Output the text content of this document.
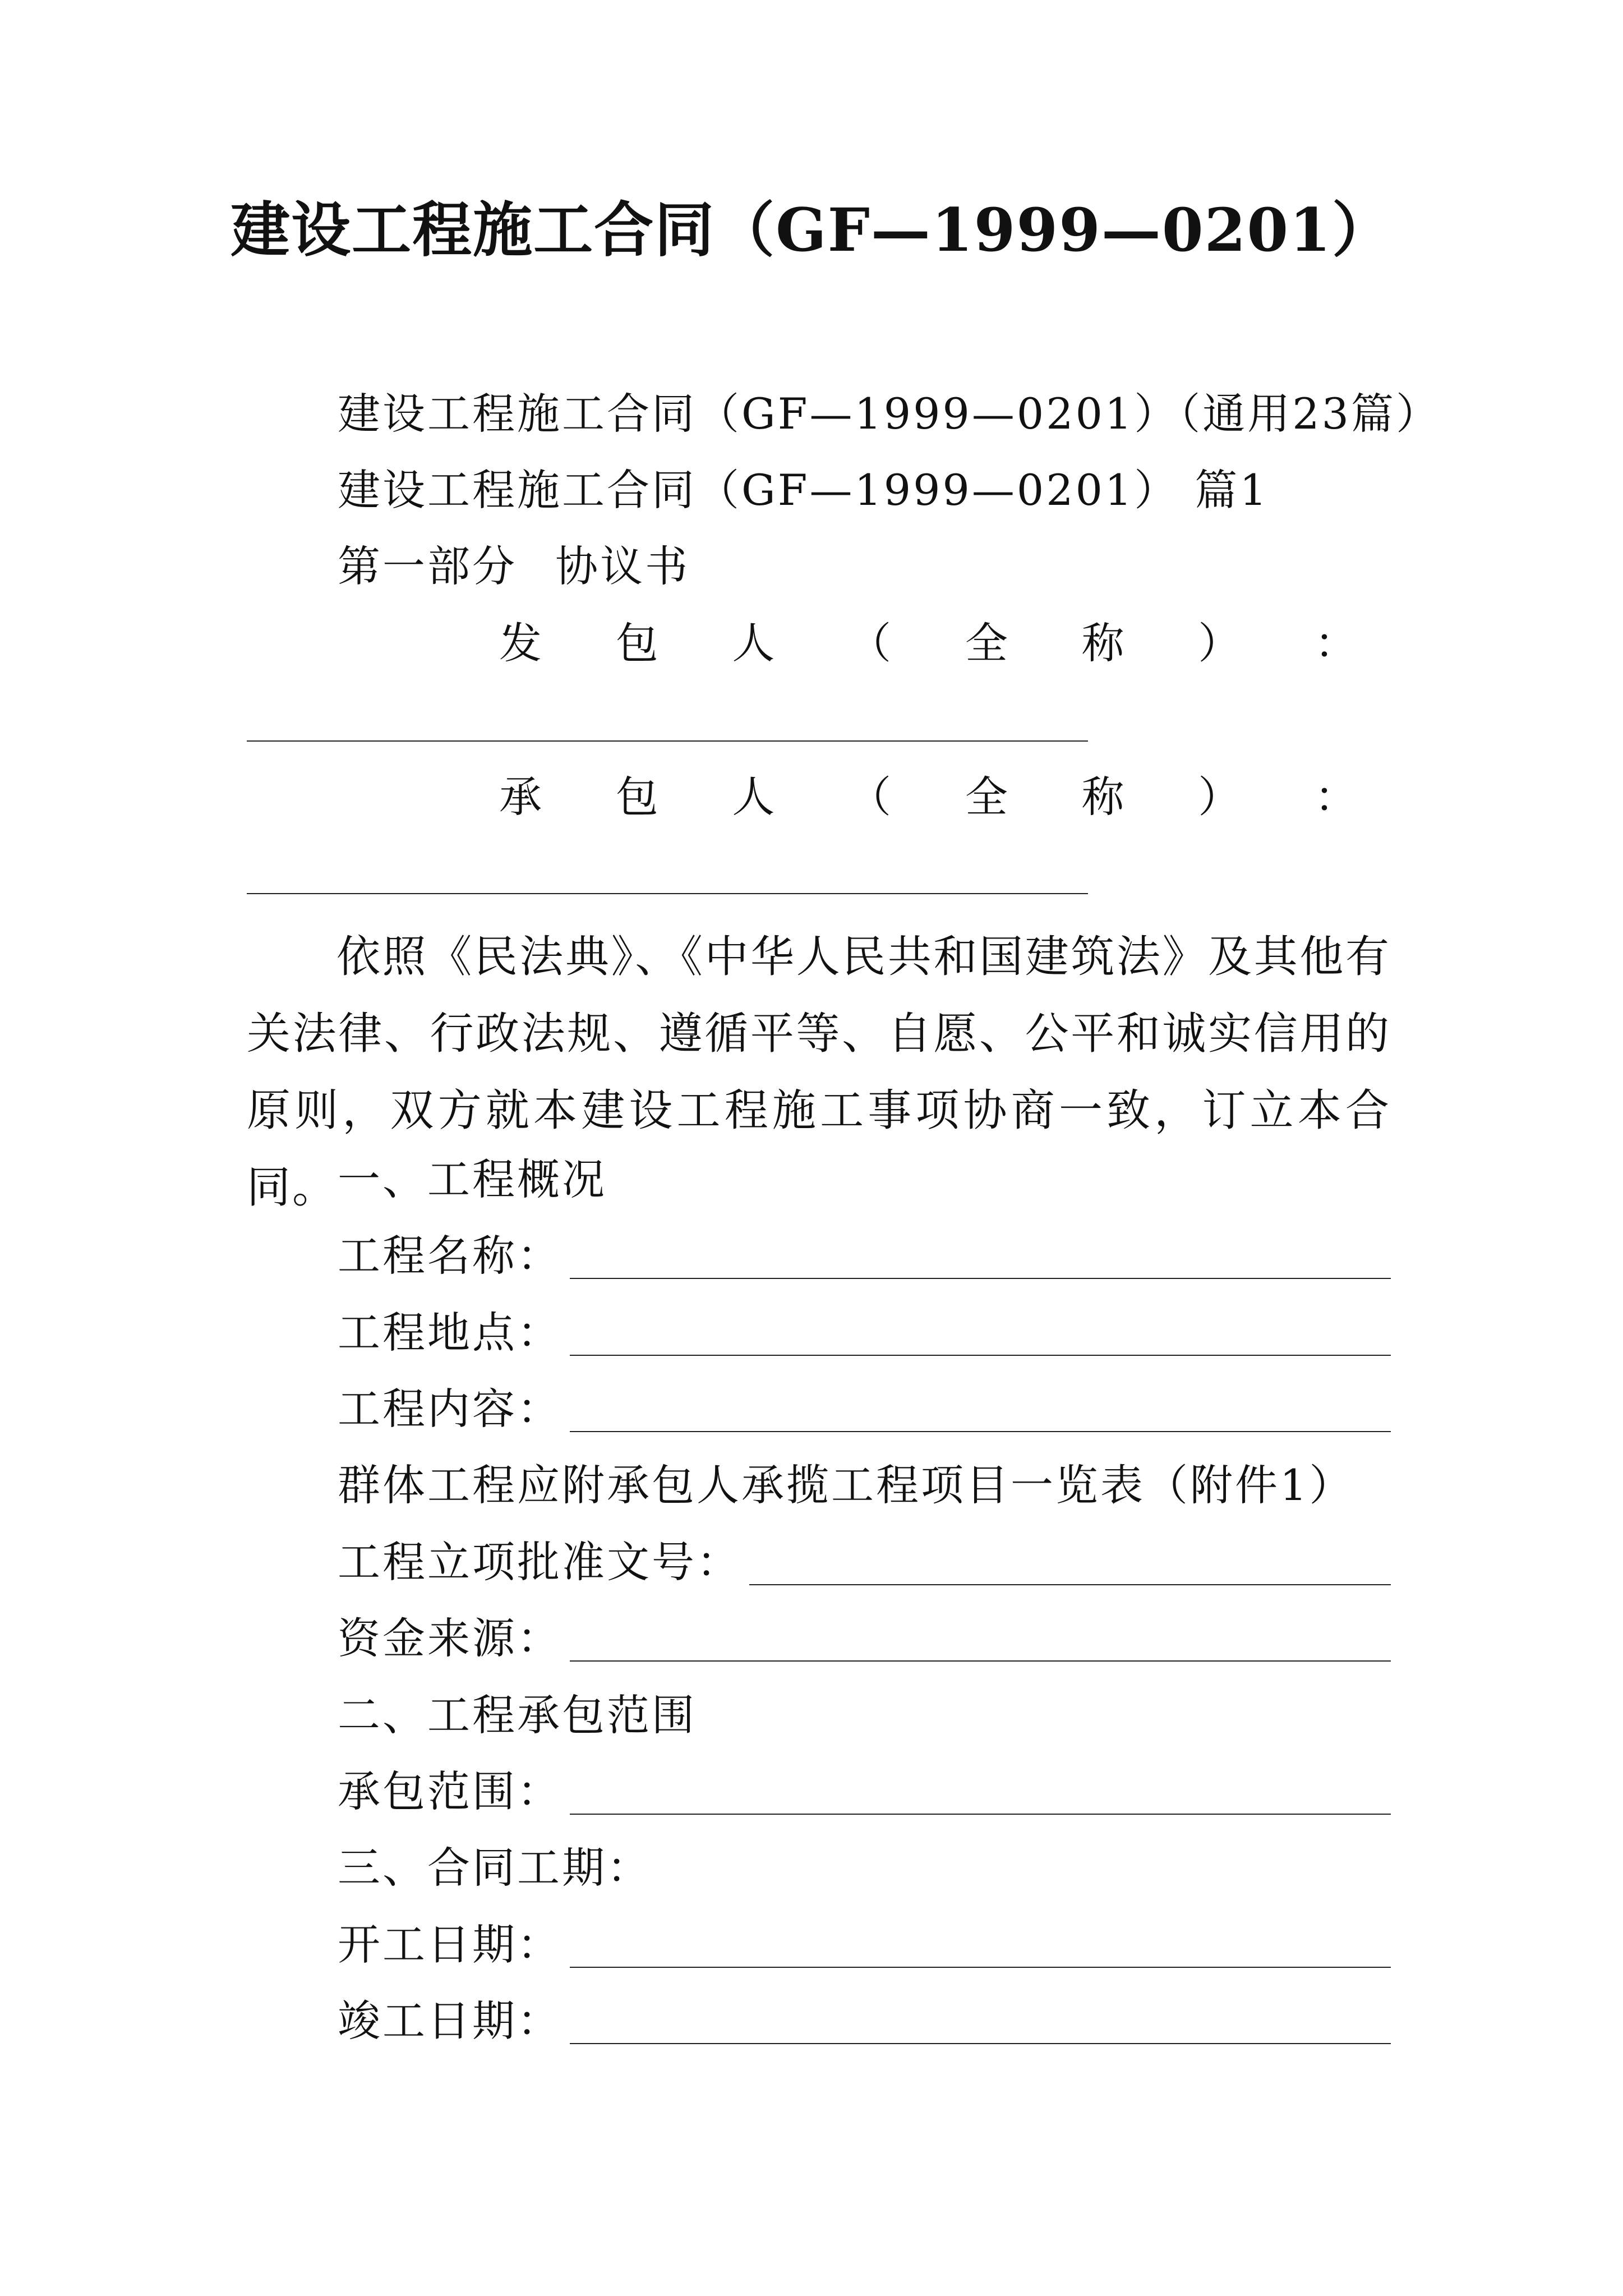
建设工程施工合同（GF—1999—0201）
建设工程施工合同（GF—1999—0201）（通用23篇）
建设工程施工合同（GF—1999—0201） 篇1
第一部分 协议书
发 包 人 （ 全 称 ） ：
承 包 人 （ 全 称 ） ：
依照《民法典》、《中华人民共和国建筑法》及其他有关法律、行政法规、遵循平等、自愿、公平和诚实信用的原则，双方就本建设工程施工事项协商一致，订立本合同。 一、工程概况
工程名称：
工程地点：
工程内容：
群体工程应附承包人承揽工程项目一览表（附件1）
工程立项批准文号：
资金来源：
二、工程承包范围
承包范围：
三、合同工期：
开工日期：
竣工日期：
